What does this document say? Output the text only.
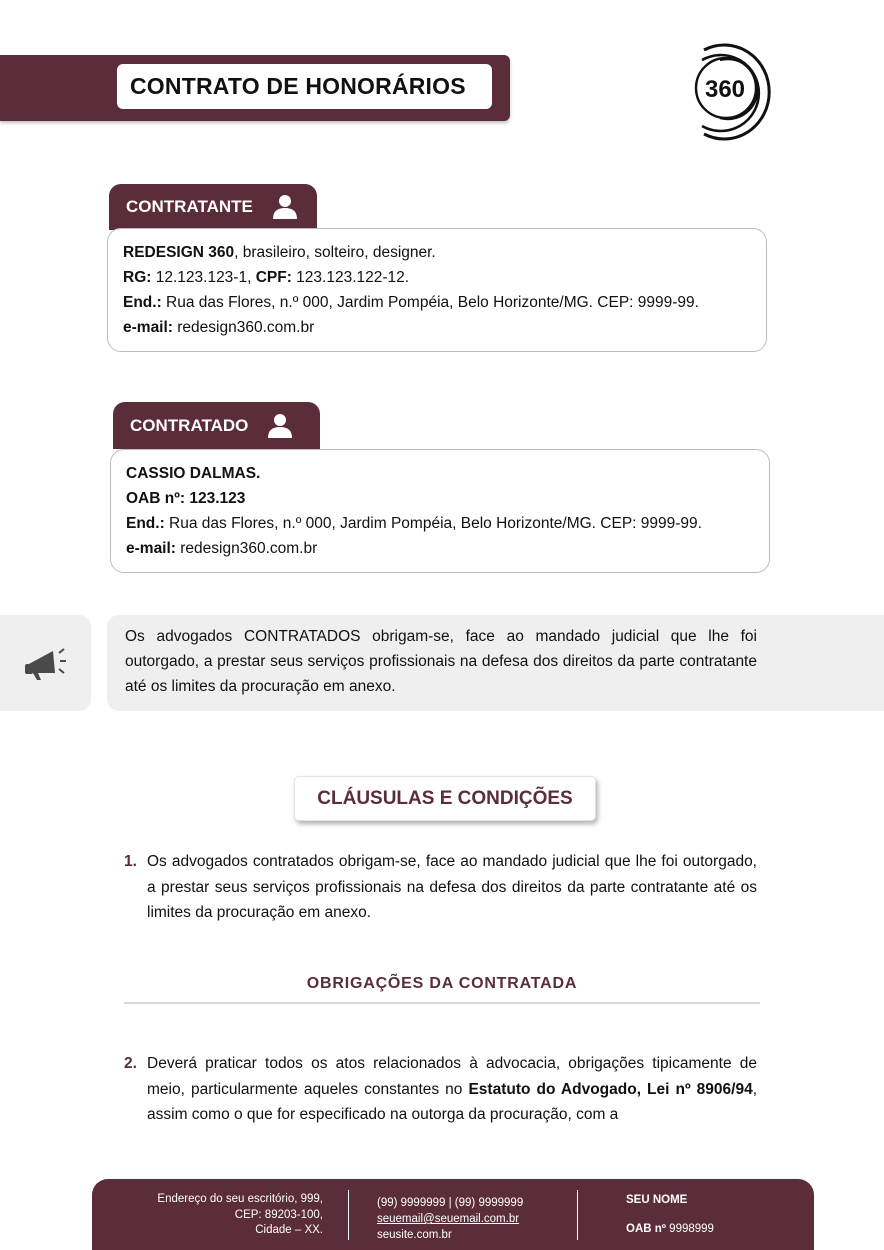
CONTRATO DE HONORÁRIOS	360
CONTRATANTE
REDESIGN 360, brasileiro, solteiro, designer.
RG: 12.123.123-1, CPF: 123.123.122-12.
End.: Rua das Flores, n.º 000, Jardim Pompéia, Belo Horizonte/MG. CEP: 9999-99.
e-mail: redesign360.com.br
CONTRATADO
CASSIO DALMAS.
OAB nº: 123.123
End.: Rua das Flores, n.º 000, Jardim Pompéia, Belo Horizonte/MG. CEP: 9999-99.
e-mail: redesign360.com.br
Os advogados CONTRATADOS obrigam-se, face ao mandado judicial que lhe foi outorgado, a prestar seus serviços profissionais na defesa dos direitos da parte contratante até os limites da procuração em anexo.
CLÁUSULAS E CONDIÇÕES
1. Os advogados contratados obrigam-se, face ao mandado judicial que lhe foi outorgado, a prestar seus serviços profissionais na defesa dos direitos da parte contratante até os limites da procuração em anexo.
OBRIGAÇÕES DA CONTRATADA
2. Deverá praticar todos os atos relacionados à advocacia, obrigações tipicamente de meio, particularmente aqueles constantes no Estatuto do Advogado, Lei nº 8906/94, assim como o que for especificado na outorga da procuração, com a
Endereço do seu escritório, 999,
CEP: 89203-100,
Cidade – XX.
(99) 9999999 | (99) 9999999
seuemail@seuemail.com.br
seusite.com.br
SEU NOME
OAB nº 9998999
